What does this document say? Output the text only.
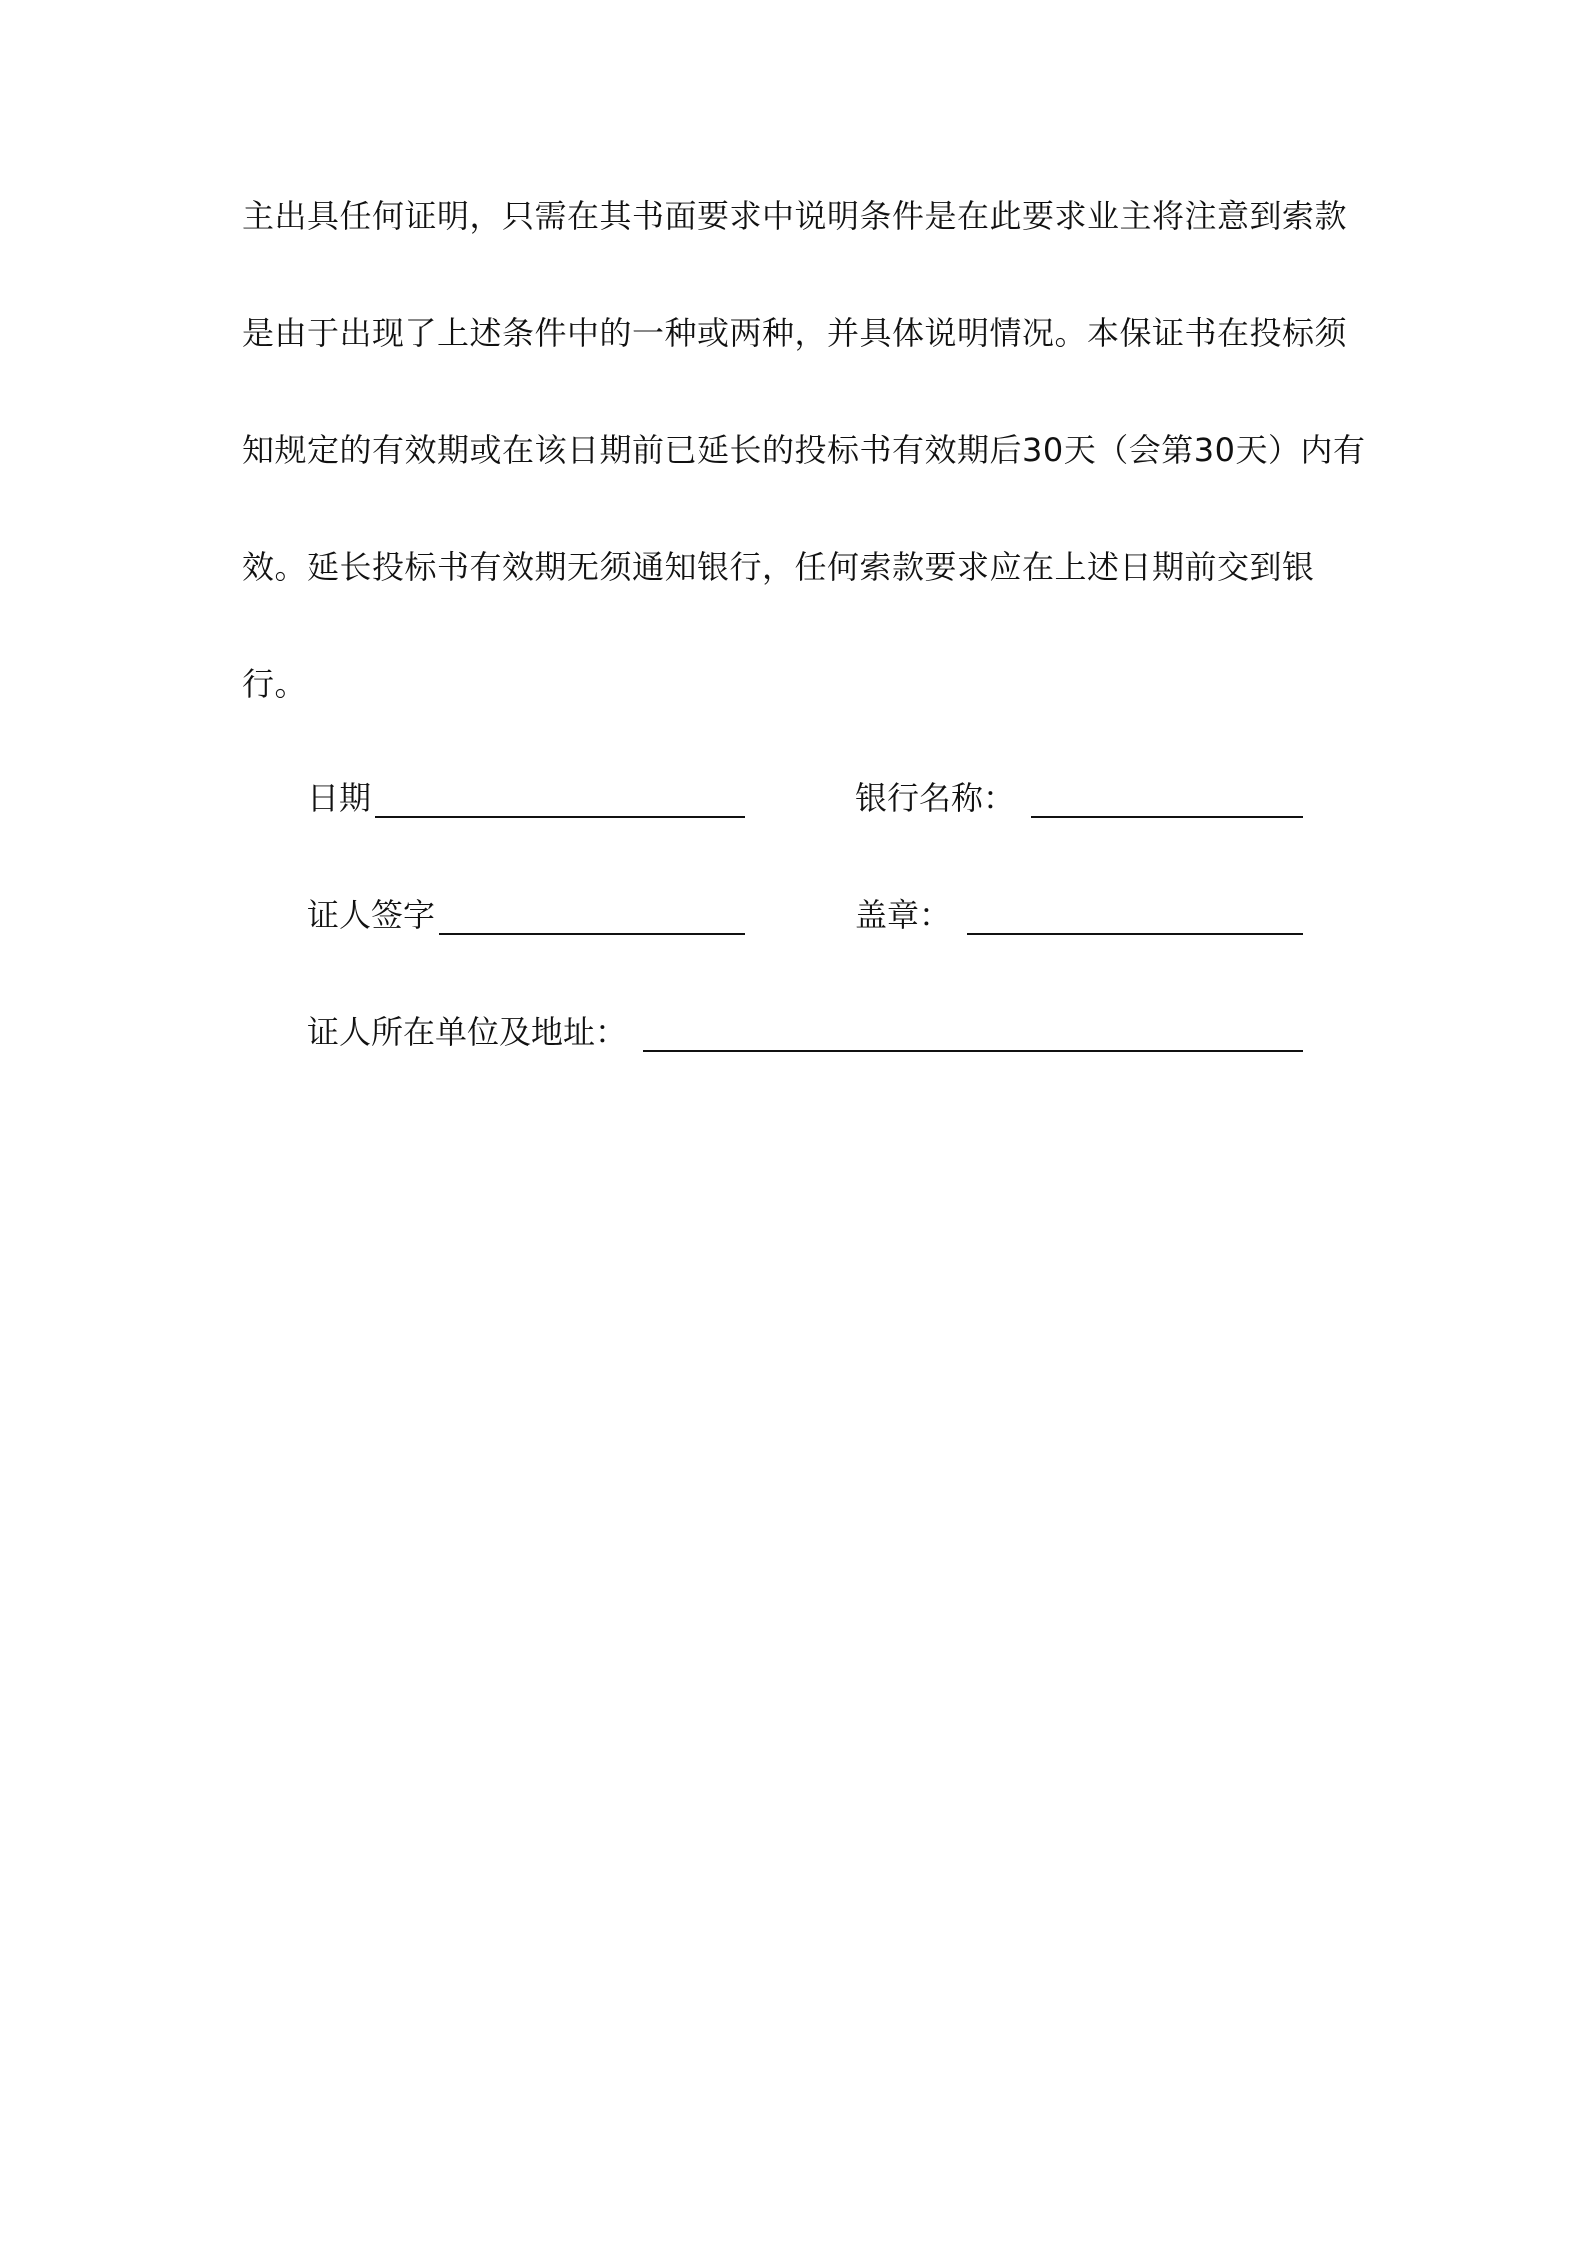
主出具任何证明，只需在其书面要求中说明条件是在此要求业主将注意到索款
是由于出现了上述条件中的一种或两种，并具体说明情况。本保证书在投标须
知规定的有效期或在该日期前已延长的投标书有效期后30天（会第30天）内有
效。延长投标书有效期无须通知银行，任何索款要求应在上述日期前交到银
行。
日期	银行名称：
证人签字	盖章：
证人所在单位及地址：
